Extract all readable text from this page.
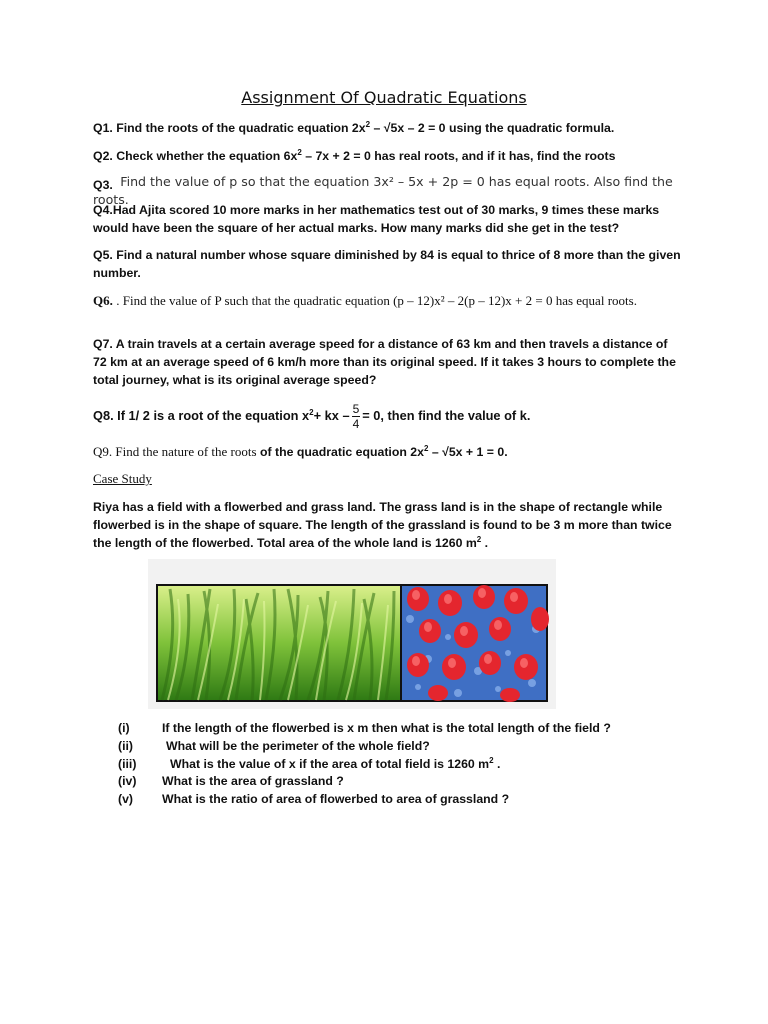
Assignment Of Quadratic Equations
Q1. Find the roots of the quadratic equation $2x^2 - √5x - 2 = 0$ using the quadratic formula.
Q2. Check whether the equation $6x^2 - 7x + 2 = 0$ has real roots, and if it has, find the roots
Q3. Find the value of p so that the equation 3x² – 5x + 2p = 0 has equal roots. Also find the roots.
Q4.Had Ajita scored 10 more marks in her mathematics test out of 30 marks, 9 times these marks would have been the square of her actual marks. How many marks did she get in the test?
Q5. Find a natural number whose square diminished by 84 is equal to thrice of 8 more than the given number.
Q6. . Find the value of P such that the quadratic equation (p – 12)x² – 2(p – 12)x + 2 = 0 has equal roots.
Q7. A train travels at a certain average speed for a distance of 63 km and then travels a distance of 72 km at an average speed of 6 km/h more than its original speed. If it takes 3 hours to complete the total journey, what is its original average speed?
Q8. If 1/ 2 is a root of the equation $x^2+$ kx – $\frac{5}{4} = 0$, then find the value of k.
Q9. Find the nature of the roots of the quadratic equation $2x^2 - √5x + 1 = 0$.
Case Study
Riya has a field with a flowerbed and grass land. The grass land is in the shape of rectangle while flowerbed is in the shape of square. The length of the grassland is found to be 3 m more than twice the length of the flowerbed. Total area of the whole land is 1260 $m^2$ .
(i)	If the length of the flowerbed is x m then what is the total length of the field ?
(ii)	What will be the perimeter of the whole field?
(iii)	What is the value of x if the area of total field is 1260 $m^2$ .
(iv) What is the area of grassland ?
(v) What is the ratio of area of flowerbed to area of grassland ?
